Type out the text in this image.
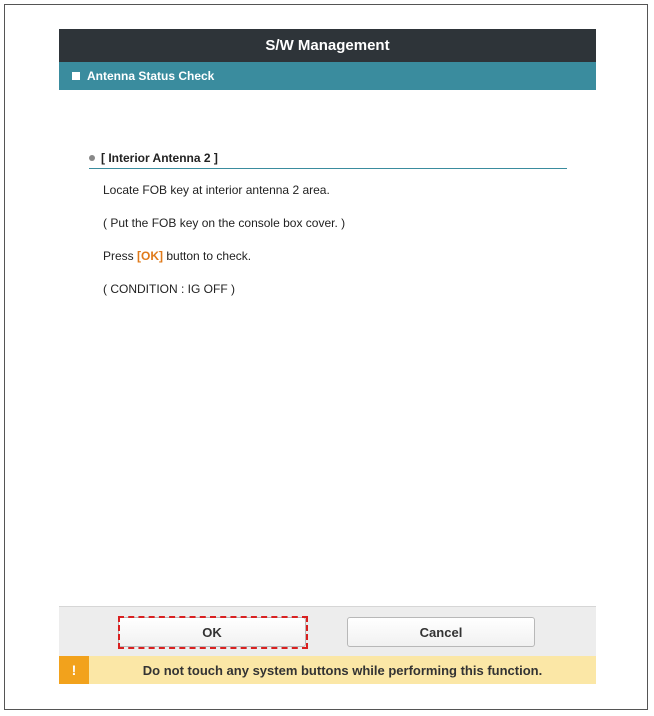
S/W Management
Antenna Status Check
[ Interior Antenna 2 ]
Locate FOB key at interior antenna 2 area.
( Put the FOB key on the console box cover. )
Press [OK] button to check.
( CONDITION : IG OFF )
OK	Cancel
!	Do not touch any system buttons while performing this function.
